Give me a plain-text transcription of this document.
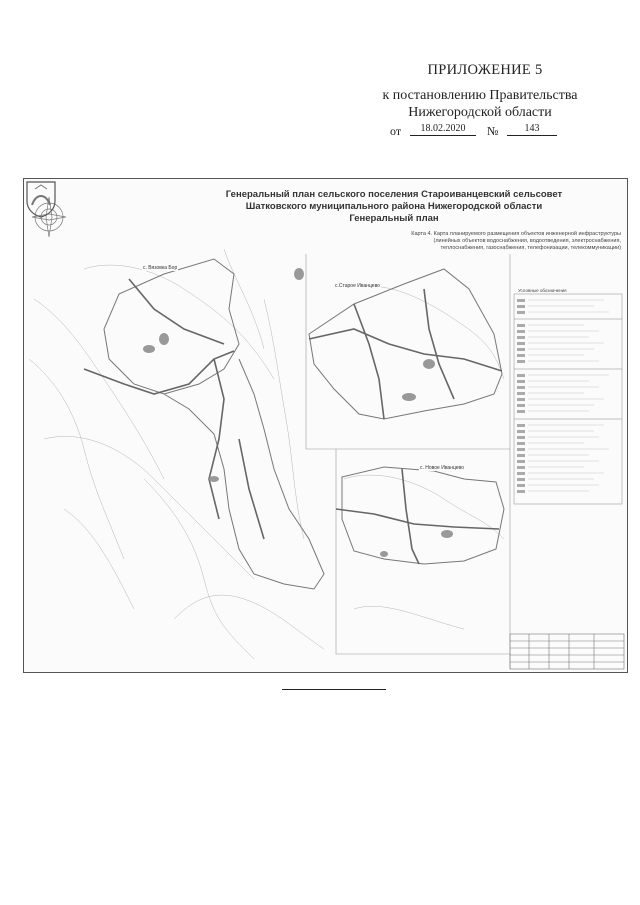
ПРИЛОЖЕНИЕ 5
к постановлению Правительства
Нижегородской области
от	18.02.2020	№	143
Генеральный план сельского поселения Староиванцевский сельсовет
Шатковского муниципального района Нижегородской области
Генеральный план
Карта 4. Карта планируемого размещения объектов инженерной инфраструктуры (линейных объектов водоснабжения, водоотведения, электроснабжения, теплоснабжения, газоснабжения, телефонизации, телекоммуникации)
с. Вязовка Бор
с.Старое Иванцево
с. Новое Иванцево
Условные обозначения
